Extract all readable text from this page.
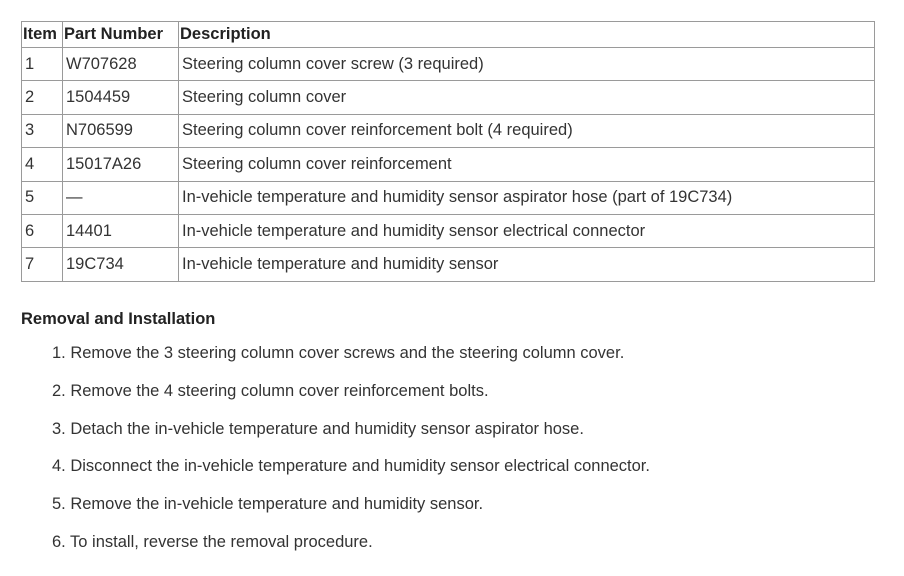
Item	Part Number	Description
1	W707628	Steering column cover screw (3 required)
2	1504459	Steering column cover
3	N706599	Steering column cover reinforcement bolt (4 required)
4	15017A26	Steering column cover reinforcement
5	—	In-vehicle temperature and humidity sensor aspirator hose (part of 19C734)
6	14401	In-vehicle temperature and humidity sensor electrical connector
7	19C734	In-vehicle temperature and humidity sensor
Removal and Installation
1. Remove the 3 steering column cover screws and the steering column cover.
2. Remove the 4 steering column cover reinforcement bolts.
3. Detach the in-vehicle temperature and humidity sensor aspirator hose.
4. Disconnect the in-vehicle temperature and humidity sensor electrical connector.
5. Remove the in-vehicle temperature and humidity sensor.
6. To install, reverse the removal procedure.
